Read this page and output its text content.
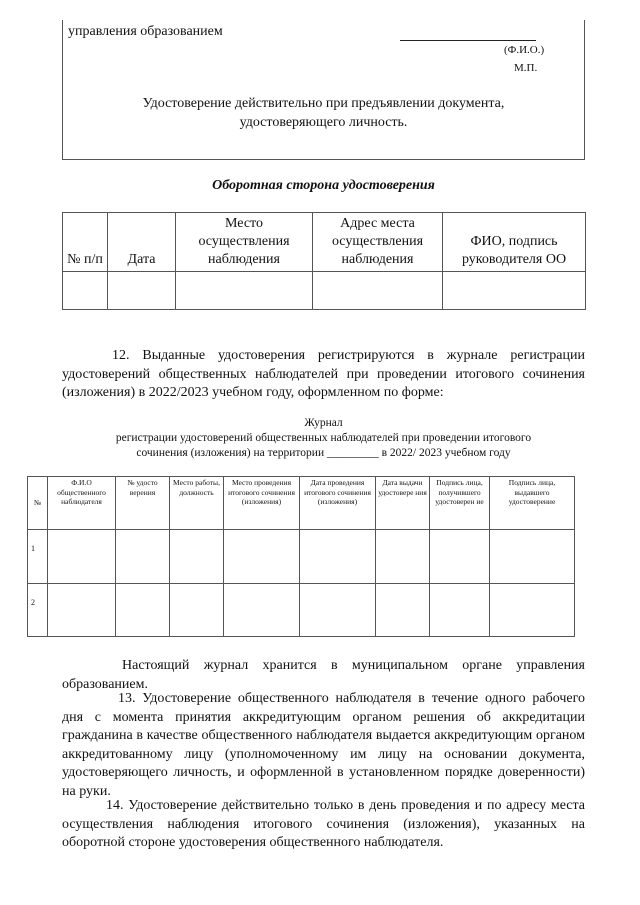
управления образованием
(Ф.И.О.)
М.П.
Удостоверение действительно при предъявлении документа,
удостоверяющего личность.
Оборотная сторона удостоверения
№ п/п	Дата	Место осуществления наблюдения	Адрес места осуществления наблюдения	ФИО, подпись руководителя ОО

12. Выданные удостоверения регистрируются в журнале регистрации удостоверений общественных наблюдателей при проведении итогового сочинения (изложения) в 2022/2023 учебном году, оформленном по форме:
Журнал
регистрации удостоверений общественных наблюдателей при проведении итогового
сочинения (изложения) на территории _________ в 2022/ 2023 учебном году
№	Ф.И.О общественного наблюдателя	№ удосто верения	Место работы, должность	Место проведения итогового сочинения (изложения)	Дата проведения итогового сочинения (изложения)	Дата выдачи удостовере ния	Подпись лица, получившего удостоверен ие	Подпись лица, выдавшего удостоверение
1								
2								
Настоящий журнал хранится в муниципальном органе управления образованием.
13. Удостоверение общественного наблюдателя в течение одного рабочего дня с момента принятия аккредитующим органом решения об аккредитации гражданина в качестве общественного наблюдателя выдается аккредитующим органом аккредитованному лицу (уполномоченному им лицу на основании документа, удостоверяющего личность, и оформленной в установленном порядке доверенности) на руки.
14. Удостоверение действительно только в день проведения и по адресу места осуществления наблюдения итогового сочинения (изложения), указанных на оборотной стороне удостоверения общественного наблюдателя.
